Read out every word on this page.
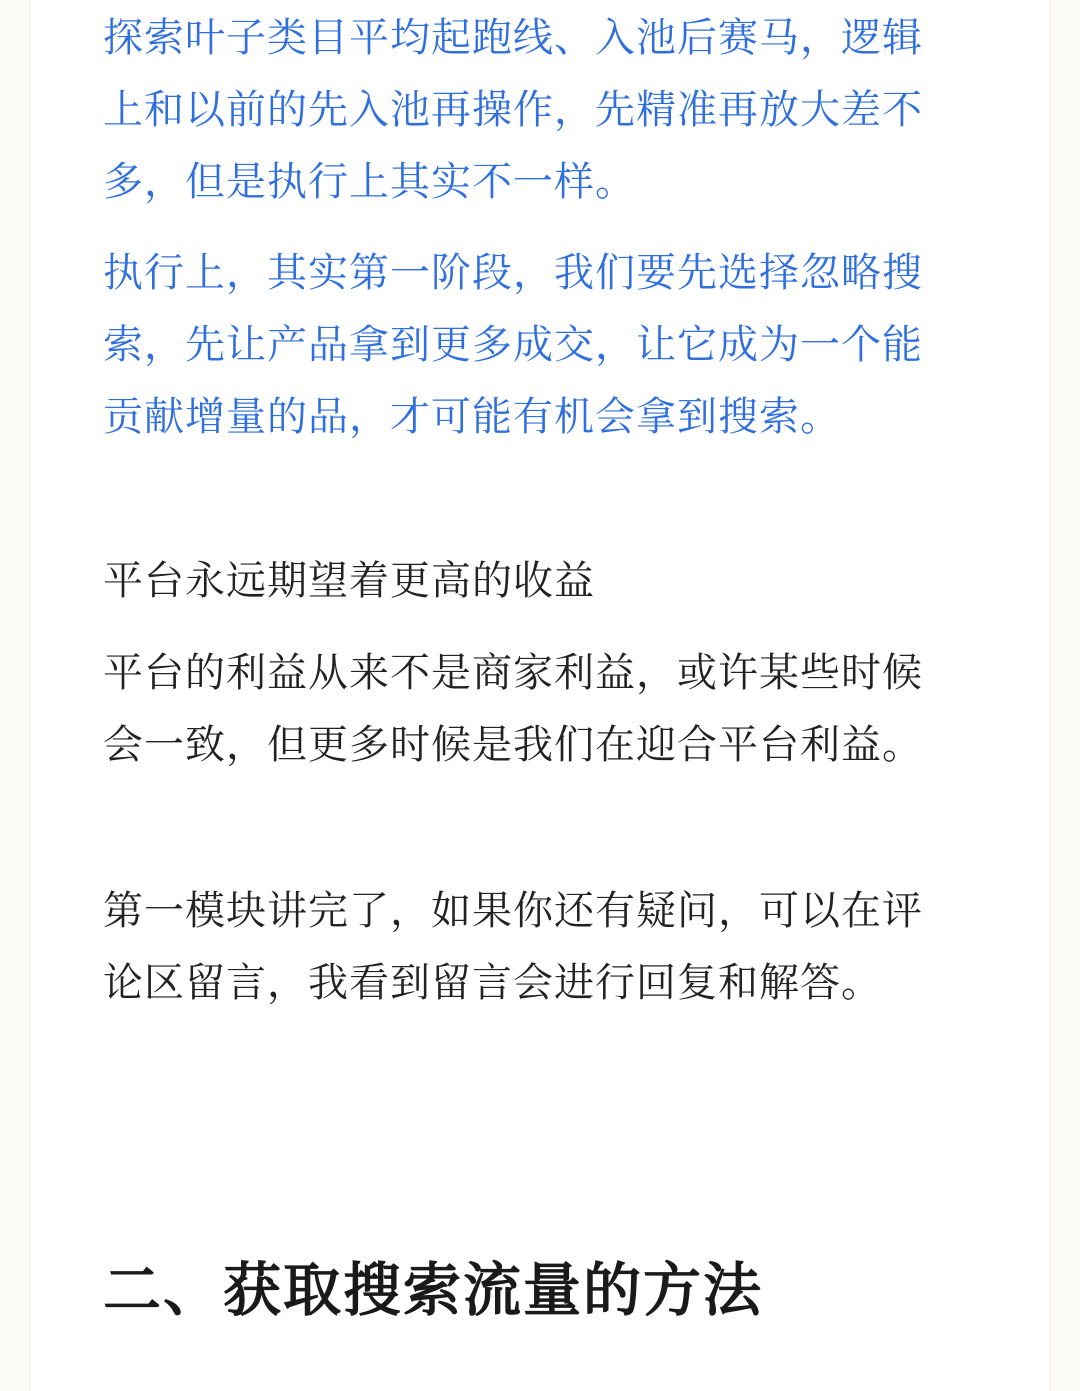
探索叶子类目平均起跑线、入池后赛马，逻辑上和以前的先入池再操作，先精准再放大差不多，但是执行上其实不一样。

执行上，其实第一阶段，我们要先选择忽略搜索，先让产品拿到更多成交，让它成为一个能贡献增量的品，才可能有机会拿到搜索。

平台永远期望着更高的收益

平台的利益从来不是商家利益，或许某些时候会一致，但更多时候是我们在迎合平台利益。

第一模块讲完了，如果你还有疑问，可以在评论区留言，我看到留言会进行回复和解答。

二、获取搜索流量的方法
